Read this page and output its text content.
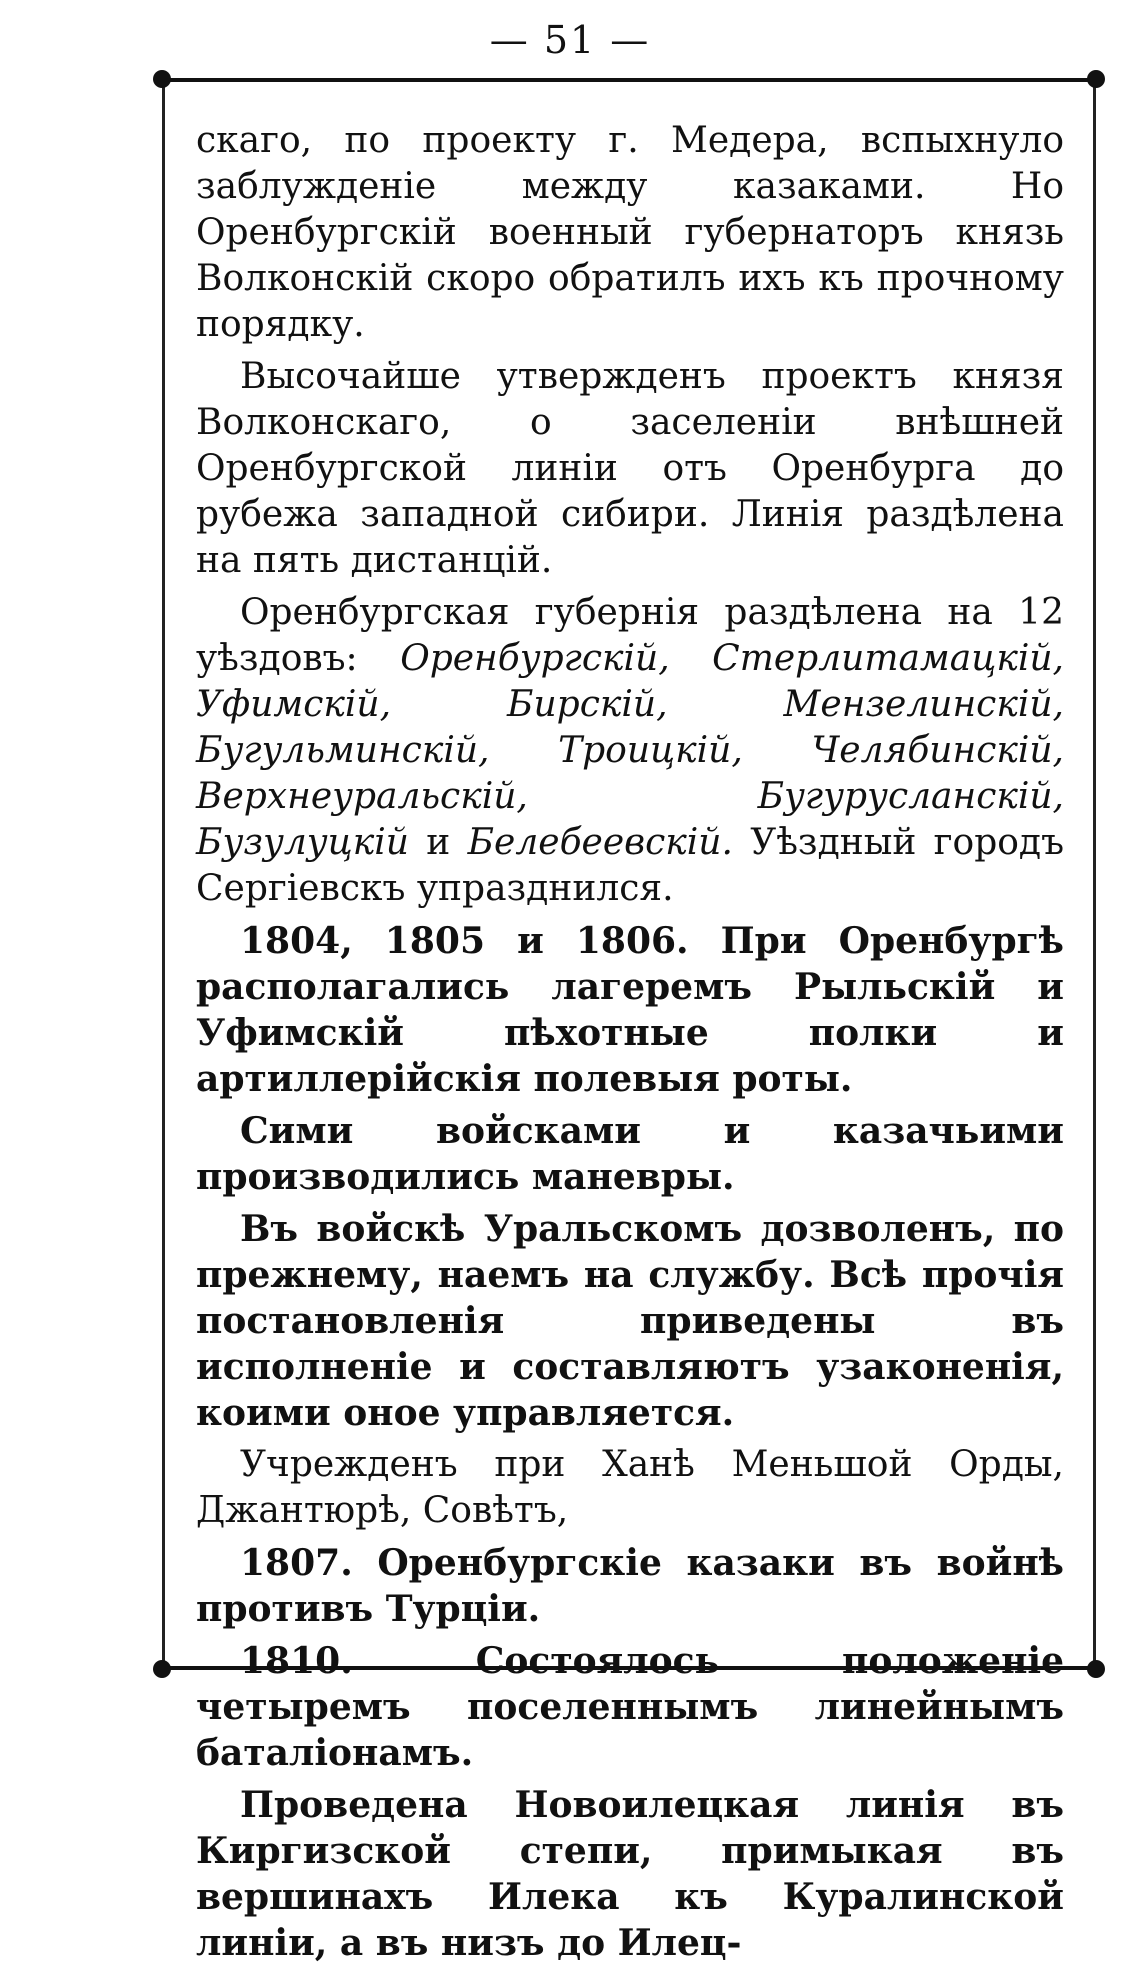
— 51 —

скаго, по проекту г. Медера, вспыхнуло заблужденіе между казаками. Но Оренбургскій военный губернаторъ князь Волконскій скоро обратилъ ихъ къ прочному порядку.

Высочайше утвержденъ проектъ князя Волконскаго, о заселеніи внѣшней Оренбургской линіи отъ Оренбурга до рубежа западной сибири. Линія раздѣлена на пять дистанцій.

Оренбургская губернія раздѣлена на 12 уѣздовъ: Оренбургскій, Стерлитамацкій, Уфимскій, Бирскій, Мензелинскій, Бугульминскій, Троицкій, Челябинскій, Верхнеуральскій, Бугурусланскій, Бузулуцкій и Белебеевскій. Уѣздный городъ Сергіевскъ упразднился.

1804, 1805 и 1806. При Оренбургѣ располагались лагеремъ Рыльскій и Уфимскій пѣхотные полки и артиллерійскія полевыя роты.

Сими войсками и казачьими производились маневры.

Въ войскѣ Уральскомъ дозволенъ, по прежнему, наемъ на службу. Всѣ прочія постановленія приведены въ исполненіе и составляютъ узаконенія, коими оное управляется.

Учрежденъ при Ханѣ Меньшой Орды, Джантюрѣ, Совѣтъ,

1807. Оренбургскіе казаки въ войнѣ противъ Турціи.

1810. Состоялось положеніе четыремъ поселеннымъ линейнымъ баталіонамъ.

Проведена Новоилецкая линія въ Киргизской степи, примыкая въ вершинахъ Илека къ Куралинской линіи, а въ низъ до Илец-
